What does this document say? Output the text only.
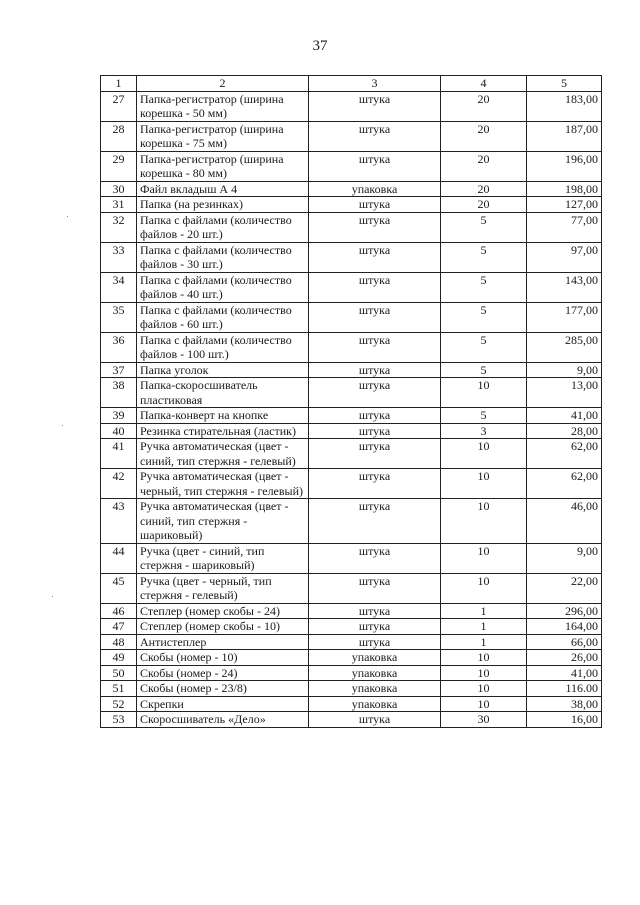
37
1	2	3	4	5
27	Папка-регистратор (ширина корешка - 50 мм)	штука	20	183,00
28	Папка-регистратор (ширина корешка - 75 мм)	штука	20	187,00
29	Папка-регистратор (ширина корешка - 80 мм)	штука	20	196,00
30	Файл вкладыш А 4	упаковка	20	198,00
31	Папка (на резинках)	штука	20	127,00
32	Папка с файлами (количество файлов - 20 шт.)	штука	5	77,00
33	Папка с файлами (количество файлов - 30 шт.)	штука	5	97,00
34	Папка с файлами (количество файлов - 40 шт.)	штука	5	143,00
35	Папка с файлами (количество файлов - 60 шт.)	штука	5	177,00
36	Папка с файлами (количество файлов - 100 шт.)	штука	5	285,00
37	Папка уголок	штука	5	9,00
38	Папка-скоросшиватель пластиковая	штука	10	13,00
39	Папка-конверт на кнопке	штука	5	41,00
40	Резинка стирательная (ластик)	штука	3	28,00
41	Ручка автоматическая (цвет - синий, тип стержня - гелевый)	штука	10	62,00
42	Ручка автоматическая (цвет - черный, тип стержня - гелевый)	штука	10	62,00
43	Ручка автоматическая (цвет - синий, тип стержня - шариковый)	штука	10	46,00
44	Ручка (цвет - синий, тип стержня - шариковый)	штука	10	9,00
45	Ручка (цвет - черный, тип стержня - гелевый)	штука	10	22,00
46	Степлер (номер скобы - 24)	штука	1	296,00
47	Степлер (номер скобы - 10)	штука	1	164,00
48	Антистеплер	штука	1	66,00
49	Скобы (номер - 10)	упаковка	10	26,00
50	Скобы (номер - 24)	упаковка	10	41,00
51	Скобы (номер - 23/8)	упаковка	10	116.00
52	Скрепки	упаковка	10	38,00
53	Скоросшиватель «Дело»	штука	30	16,00
